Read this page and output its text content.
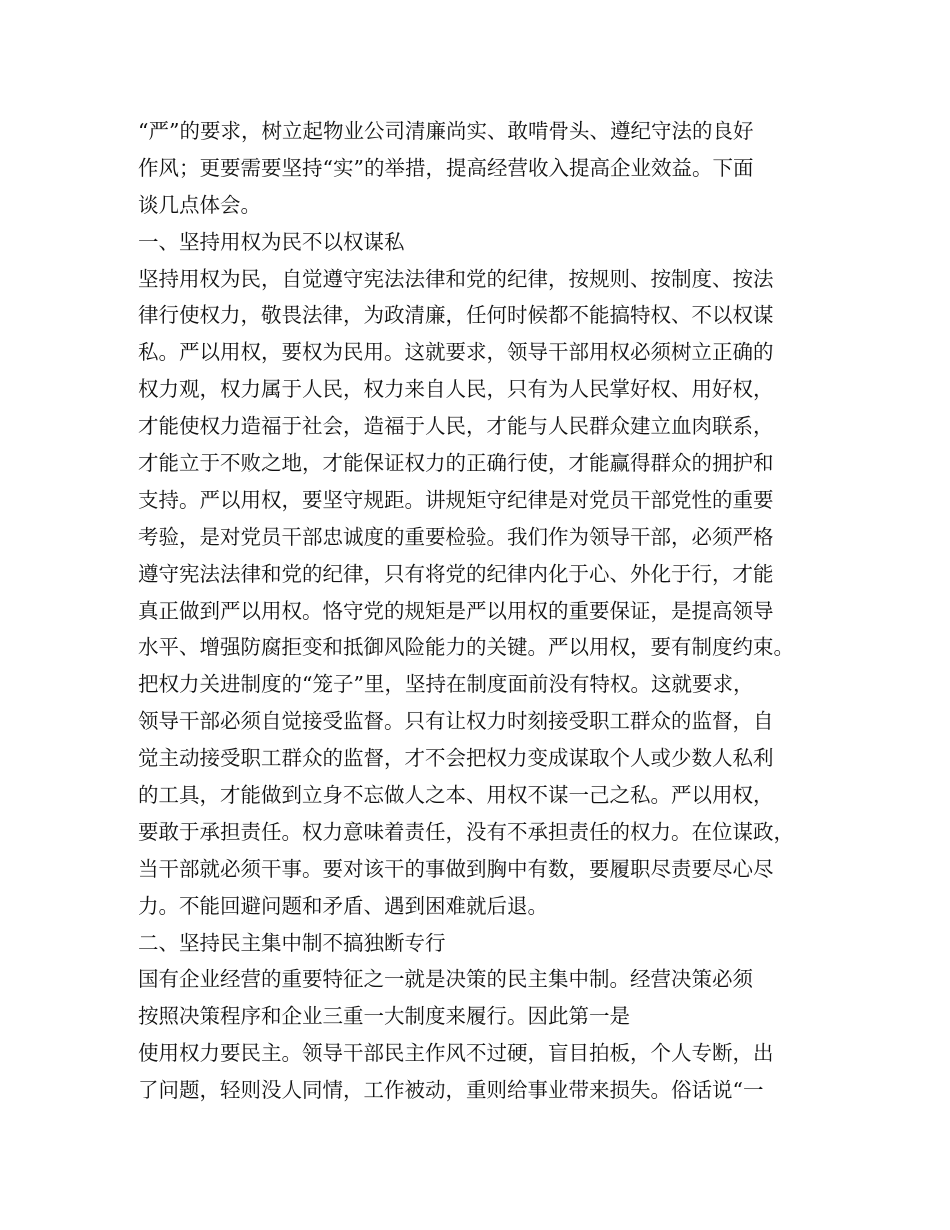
“严”的要求，树立起物业公司清廉尚实、敢啃骨头、遵纪守法的良好
作风；更要需要坚持“实”的举措，提高经营收入提高企业效益。下面
谈几点体会。
一、坚持用权为民不以权谋私
坚持用权为民，自觉遵守宪法法律和党的纪律，按规则、按制度、按法
律行使权力，敬畏法律，为政清廉，任何时候都不能搞特权、不以权谋
私。严以用权，要权为民用。这就要求，领导干部用权必须树立正确的
权力观，权力属于人民，权力来自人民，只有为人民掌好权、用好权，
才能使权力造福于社会，造福于人民，才能与人民群众建立血肉联系，
才能立于不败之地，才能保证权力的正确行使，才能赢得群众的拥护和
支持。严以用权，要坚守规距。讲规矩守纪律是对党员干部党性的重要
考验，是对党员干部忠诚度的重要检验。我们作为领导干部，必须严格
遵守宪法法律和党的纪律，只有将党的纪律内化于心、外化于行，才能
真正做到严以用权。恪守党的规矩是严以用权的重要保证，是提高领导
水平、增强防腐拒变和抵御风险能力的关键。严以用权，要有制度约束。
把权力关进制度的“笼子”里，坚持在制度面前没有特权。这就要求，
领导干部必须自觉接受监督。只有让权力时刻接受职工群众的监督，自
觉主动接受职工群众的监督，才不会把权力变成谋取个人或少数人私利
的工具，才能做到立身不忘做人之本、用权不谋一己之私。严以用权，
要敢于承担责任。权力意味着责任，没有不承担责任的权力。在位谋政，
当干部就必须干事。要对该干的事做到胸中有数，要履职尽责要尽心尽
力。不能回避问题和矛盾、遇到困难就后退。
二、坚持民主集中制不搞独断专行
国有企业经营的重要特征之一就是决策的民主集中制。经营决策必须
按照决策程序和企业三重一大制度来履行。因此第一是
使用权力要民主。领导干部民主作风不过硬，盲目拍板，个人专断，出
了问题，轻则没人同情，工作被动，重则给事业带来损失。俗话说“一
